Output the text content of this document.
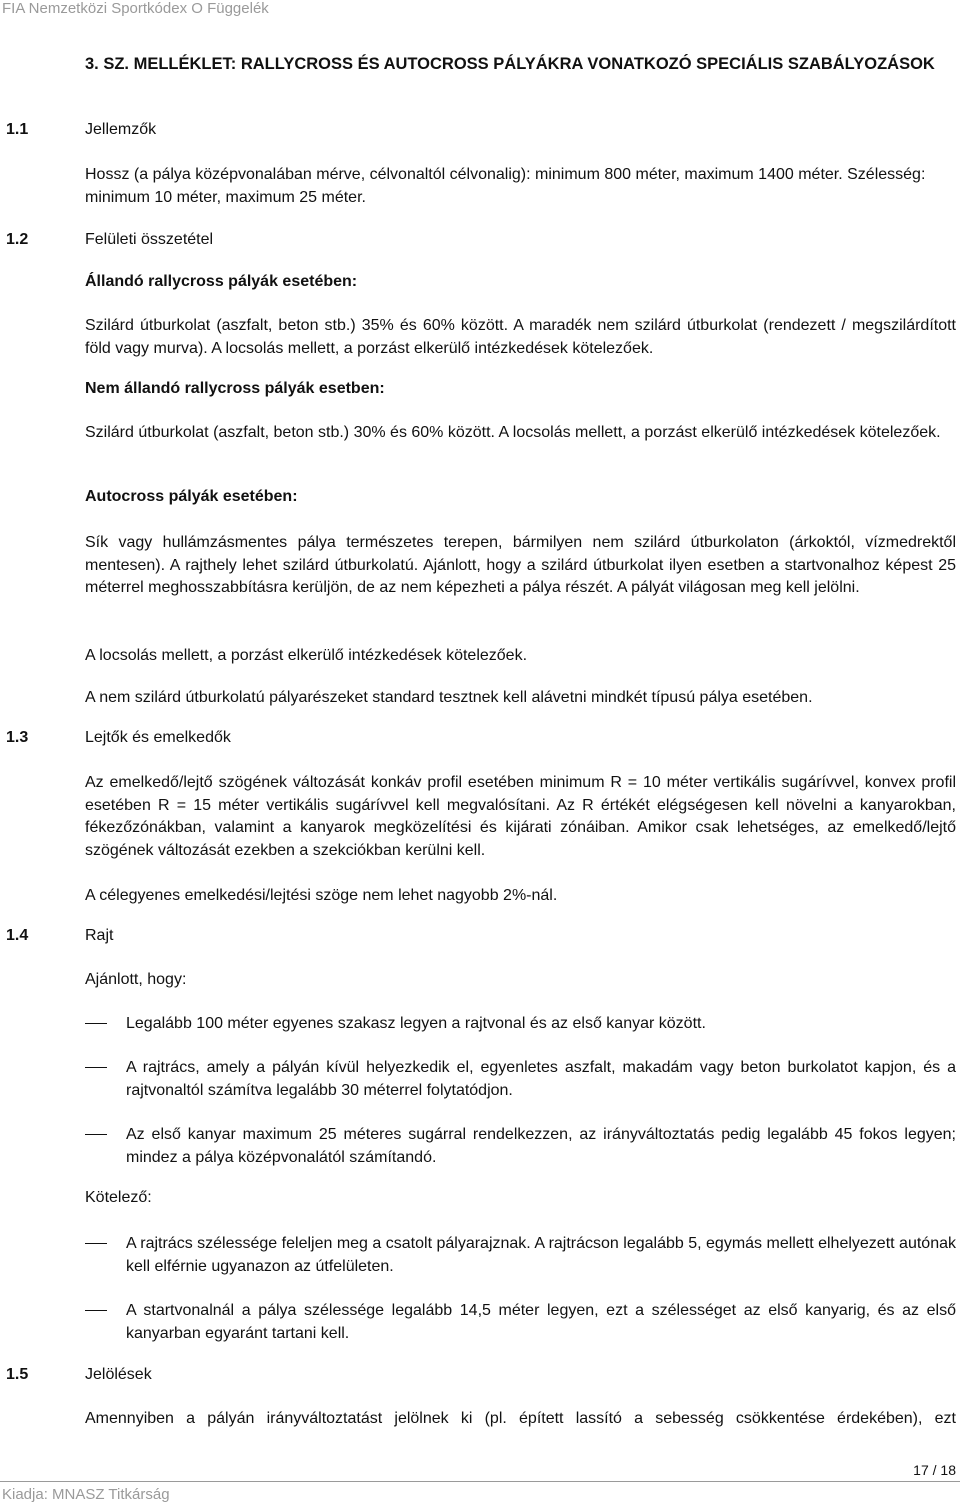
FIA Nemzetközi Sportkódex O Függelék
3. SZ. MELLÉKLET: RALLYCROSS ÉS AUTOCROSS PÁLYÁKRA VONATKOZÓ SPECIÁLIS SZABÁLYOZÁSOK
1.1	Jellemzők
Hossz (a pálya középvonalában mérve, célvonaltól célvonalig): minimum 800 méter, maximum 1400 méter. Szélesség: minimum 10 méter, maximum 25 méter.
1.2	Felületi összetétel
Állandó rallycross pályák esetében:
Szilárd útburkolat (aszfalt, beton stb.) 35% és 60% között. A maradék nem szilárd útburkolat (rendezett / megszilárdított föld vagy murva). A locsolás mellett, a porzást elkerülő intézkedések kötelezőek.
Nem állandó rallycross pályák esetben:
Szilárd útburkolat (aszfalt, beton stb.) 30% és 60% között. A locsolás mellett, a porzást elkerülő intézkedések kötelezőek.
Autocross pályák esetében:
Sík vagy hullámzásmentes pálya természetes terepen, bármilyen nem szilárd útburkolaton (árkoktól, vízmedrektől mentesen). A rajthely lehet szilárd útburkolatú. Ajánlott, hogy a szilárd útburkolat ilyen esetben a startvonalhoz képest 25 méterrel meghosszabbításra kerüljön, de az nem képezheti a pálya részét. A pályát világosan meg kell jelölni.
A locsolás mellett, a porzást elkerülő intézkedések kötelezőek.
A nem szilárd útburkolatú pályarészeket standard tesztnek kell alávetni mindkét típusú pálya esetében.
1.3	Lejtők és emelkedők
Az emelkedő/lejtő szögének változását konkáv profil esetében minimum R = 10 méter vertikális sugárívvel, konvex profil esetében R = 15 méter vertikális sugárívvel kell megvalósítani. Az R értékét elégségesen kell növelni a kanyarokban, fékezőzónákban, valamint a kanyarok megközelítési és kijárati zónáiban. Amikor csak lehetséges, az emelkedő/lejtő szögének változását ezekben a szekciókban kerülni kell.
A célegyenes emelkedési/lejtési szöge nem lehet nagyobb 2%-nál.
1.4	Rajt
Ajánlott, hogy:
Legalább 100 méter egyenes szakasz legyen a rajtvonal és az első kanyar között.
A rajtrács, amely a pályán kívül helyezkedik el, egyenletes aszfalt, makadám vagy beton burkolatot kapjon, és a rajtvonaltól számítva legalább 30 méterrel folytatódjon.
Az első kanyar maximum 25 méteres sugárral rendelkezzen, az irányváltoztatás pedig legalább 45 fokos legyen; mindez a pálya középvonalától számítandó.
Kötelező:
A rajtrács szélessége feleljen meg a csatolt pályarajznak. A rajtrácson legalább 5, egymás mellett elhelyezett autónak kell elférnie ugyanazon az útfelületen.
A startvonalnál a pálya szélessége legalább 14,5 méter legyen, ezt a szélességet az első kanyarig, és az első kanyarban egyaránt tartani kell.
1.5	Jelölések
Amennyiben a pályán irányváltoztatást jelölnek ki (pl. épített lassító a sebesség csökkentése érdekében), ezt
17 / 18
Kiadja: MNASZ Titkárság
